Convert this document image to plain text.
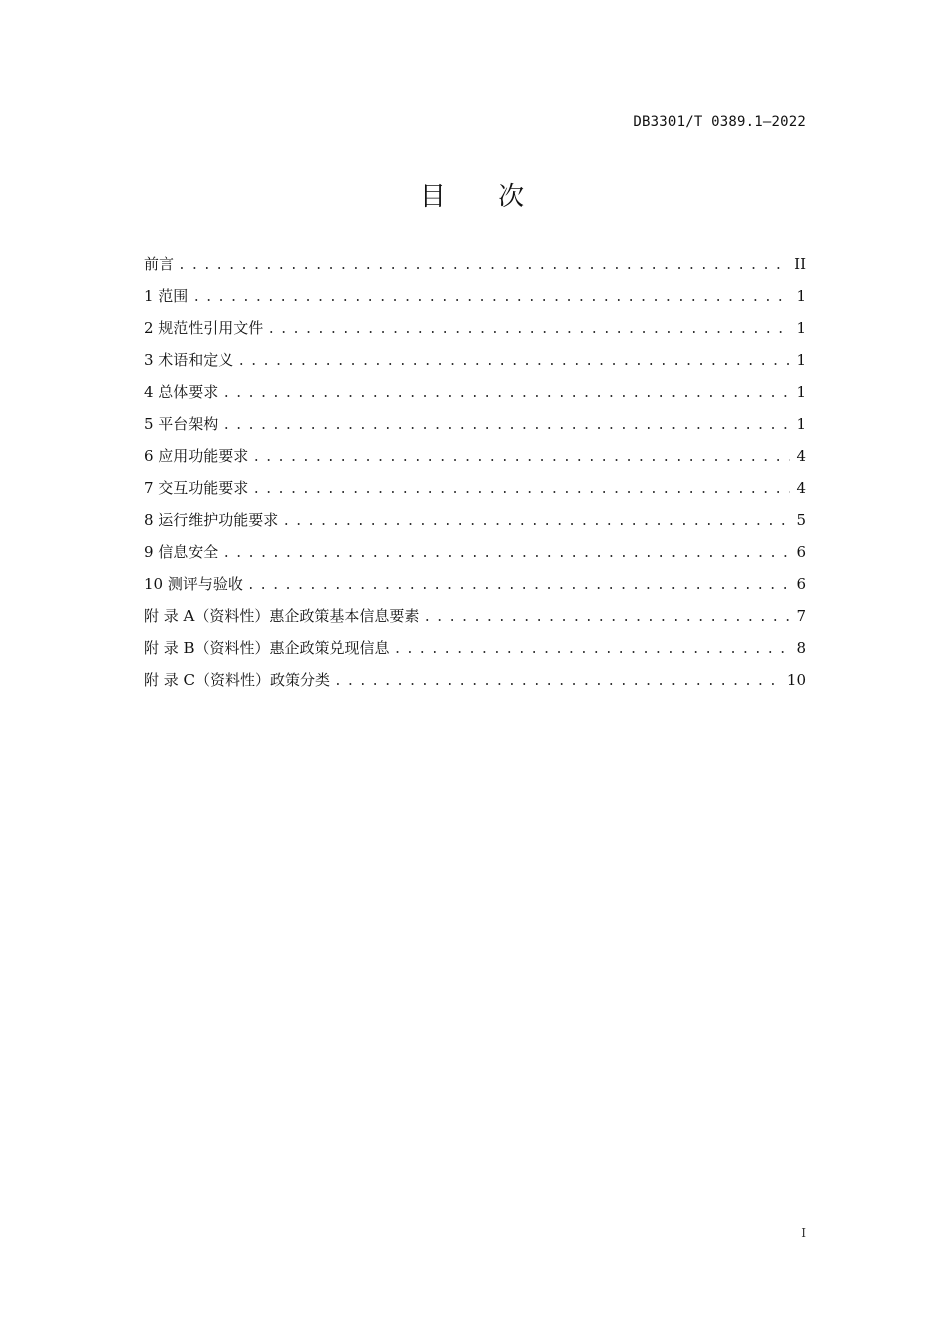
DB3301/T 0389.1—2022
目 次
前言 .....	II
1 范围 .....	1
2 规范性引用文件 .....	1
3 术语和定义 .....	1
4 总体要求 .....	1
5 平台架构 .....	1
6 应用功能要求 .....	4
7 交互功能要求 .....	4
8 运行维护功能要求 .....	5
9 信息安全 .....	6
10 测评与验收 .....	6
附 录 A（资料性）惠企政策基本信息要素 .....	7
附 录 B（资料性）惠企政策兑现信息 .....	8
附 录 C（资料性）政策分类 .....	10
I
